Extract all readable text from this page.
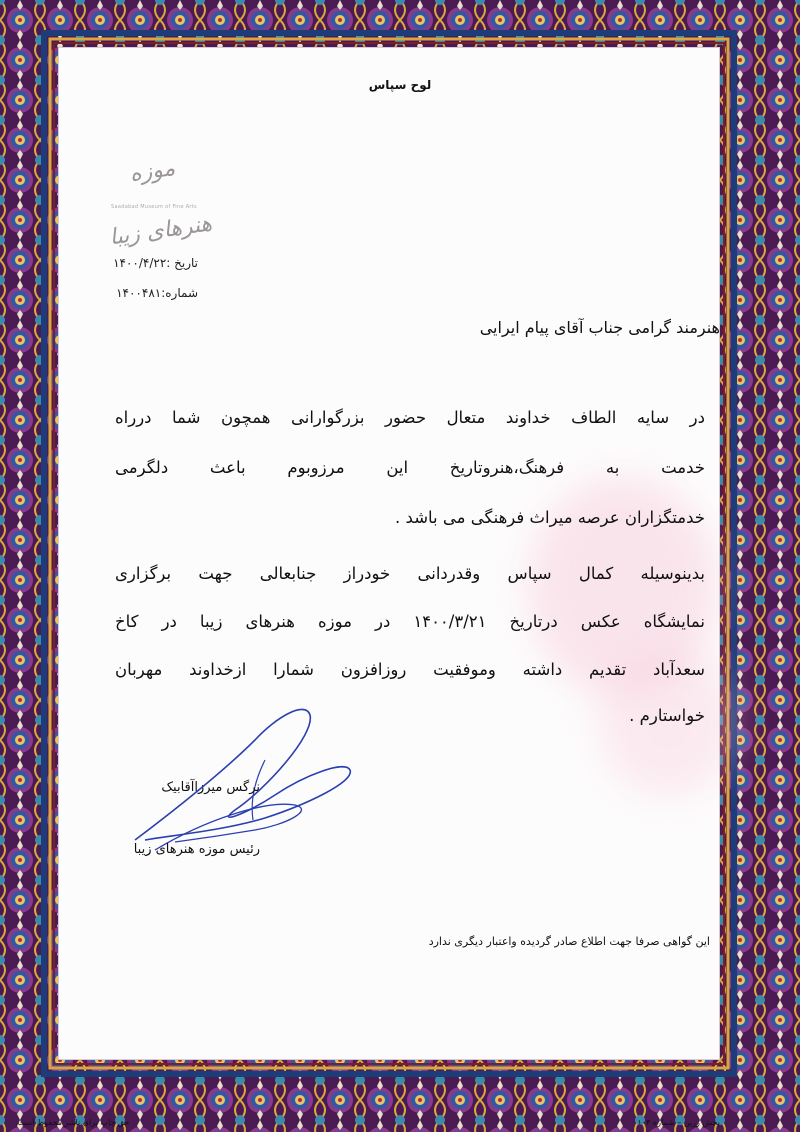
لوح سپاس
موزه هنرهای زیبا
Saadabad Museum of Fine Arts
تاریخ :۱۴۰۰/۴/۲۲
شماره:۱۴۰۰۴۸۱
هنرمند گرامی جناب آقای پیام ایرایی
در سایه الطاف خداوند متعال حضور بزرگوارانی همچون شما درراه
خدمت به فرهنگ،هنروتاریخ این مرزوبوم باعث دلگرمی
خدمتگزاران عرصه میراث فرهنگی می باشد .
بدینوسیله کمال سپاس وقدردانی خودراز جنابعالی جهت برگزاری
نمایشگاه عکس درتاریخ ۱۴۰۰/۳/۲۱ در موزه هنرهای زیبا در کاخ
سعدآباد تقدیم داشته وموفقیت روزافزون شمارا ازخداوند مهربان
خواستارم .
نرگس میرزاآقابیک
رئیس موزه هنرهای زیبا
این گواهی صرفا جهت اطلاع صادر گردیده واعتبار دیگری ندارد
پخش زرین – شماره ۱۰۴
حق چاپ برای ناشر محفوظ است.
